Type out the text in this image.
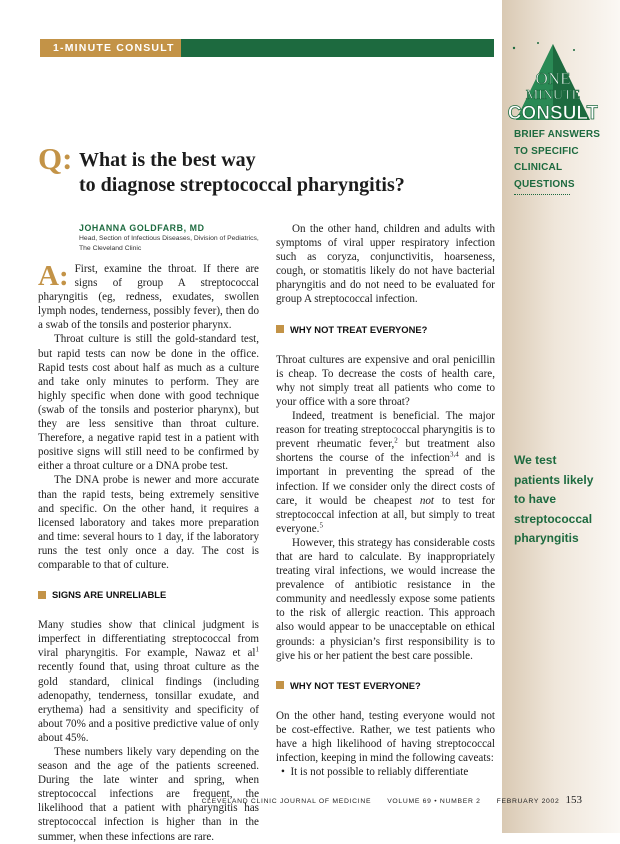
1-MINUTE CONSULT
ONE
MINUTE
CONSULT
BRIEF ANSWERS
TO SPECIFIC
CLINICAL
QUESTIONS
Q: What is the best way
to diagnose streptococcal pharyngitis?
JOHANNA GOLDFARB, MD
Head, Section of Infectious Diseases, Division of Pediatrics,
The Cleveland Clinic

A: First, examine the throat. If there are signs of group A streptococcal pharyngitis (eg, redness, exudates, swollen lymph nodes, tenderness, possibly fever), then do a swab of the tonsils and posterior pharynx.

Throat culture is still the gold-standard test, but rapid tests can now be done in the office. Rapid tests cost about half as much as a culture and take only minutes to perform. They are highly specific when done with good technique (swab of the tonsils and posterior pharynx), but they are less sensitive than throat culture. Therefore, a negative rapid test in a patient with positive signs will still need to be confirmed by either a throat culture or a DNA probe test.

The DNA probe is newer and more accurate than the rapid tests, being extremely sensitive and specific. On the other hand, it requires a licensed laboratory and takes more preparation and time: several hours to 1 day, if the laboratory runs the test only once a day. The cost is comparable to that of culture.

SIGNS ARE UNRELIABLE

Many studies show that clinical judgment is imperfect in differentiating streptococcal from viral pharyngitis. For example, Nawaz et $al^1$ recently found that, using throat culture as the gold standard, clinical findings (including adenopathy, tenderness, tonsillar exudate, and erythema) had a sensitivity and specificity of about 70% and a positive predictive value of only about 45%.

These numbers likely vary depending on the season and the age of the patients screened. During the late winter and spring, when streptococcal infections are frequent, the likelihood that a patient with pharyngitis has streptococcal infection is higher than in the summer, when these infections are rare.

On the other hand, children and adults with symptoms of viral upper respiratory infection such as coryza, conjunctivitis, hoarseness, cough, or stomatitis likely do not have bacterial pharyngitis and do not need to be evaluated for group A streptococcal infection.

WHY NOT TREAT EVERYONE?

Throat cultures are expensive and oral penicillin is cheap. To decrease the costs of health care, why not simply treat all patients who come to your office with a sore throat?

Indeed, treatment is beneficial. The major reason for treating streptococcal pharyngitis is to prevent rheumatic fever,$^2$ but treatment also shortens the course of the infection$^{3,4}$ and is important in preventing the spread of the infection. If we consider only the direct costs of care, it would be cheapest not to test for streptococcal infection at all, but simply to treat everyone.$^5$

However, this strategy has considerable costs that are hard to calculate. By inappropriately treating viral infections, we would increase the prevalence of antibiotic resistance in the community and needlessly expose some patients to the risk of allergic reaction. This approach also would appear to be unacceptable on ethical grounds: a physician’s first responsibility is to give his or her patient the best care possible.

WHY NOT TEST EVERYONE?

On the other hand, testing everyone would not be cost-effective. Rather, we test patients who have a high likelihood of having streptococcal infection, keeping in mind the following caveats:

•  It is not possible to reliably differentiate

We test
patients likely
to have
streptococcal
pharyngitis
CLEVELAND CLINIC JOURNAL OF MEDICINE VOLUME 69 • NUMBER 2 FEBRUARY 2002 153
